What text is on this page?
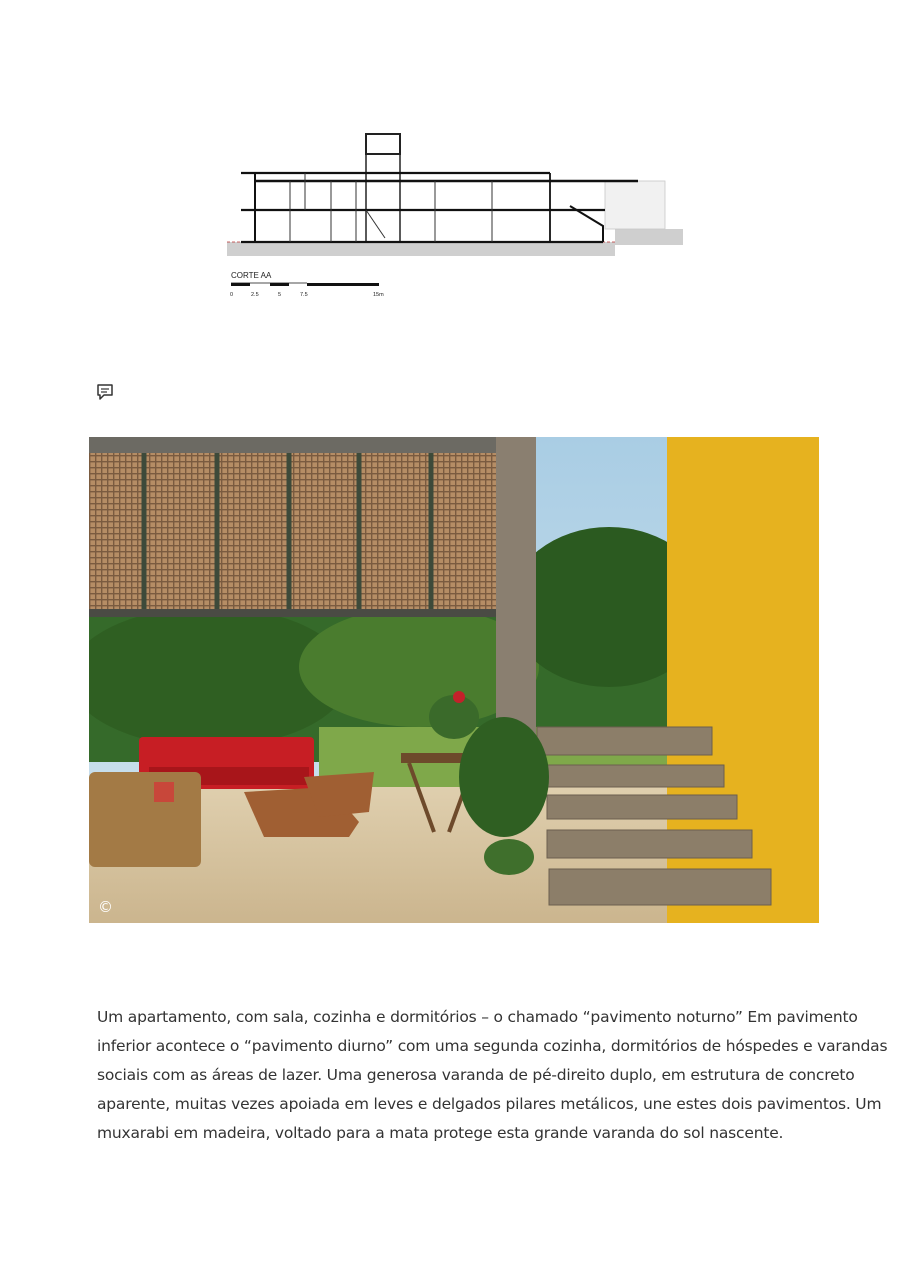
CORTE AA
0	2.5	5	7.5	15m
©

Um apartamento, com sala, cozinha e dormitórios – o chamado “pavimento noturno” Em pavimento
inferior acontece o “pavimento diurno” com uma segunda cozinha, dormitórios de hóspedes e varandas
sociais com as áreas de lazer. Uma generosa varanda de pé-direito duplo, em estrutura de concreto
aparente, muitas vezes apoiada em leves e delgados pilares metálicos, une estes dois pavimentos. Um
muxarabi em madeira, voltado para a mata protege esta grande varanda do sol nascente.
